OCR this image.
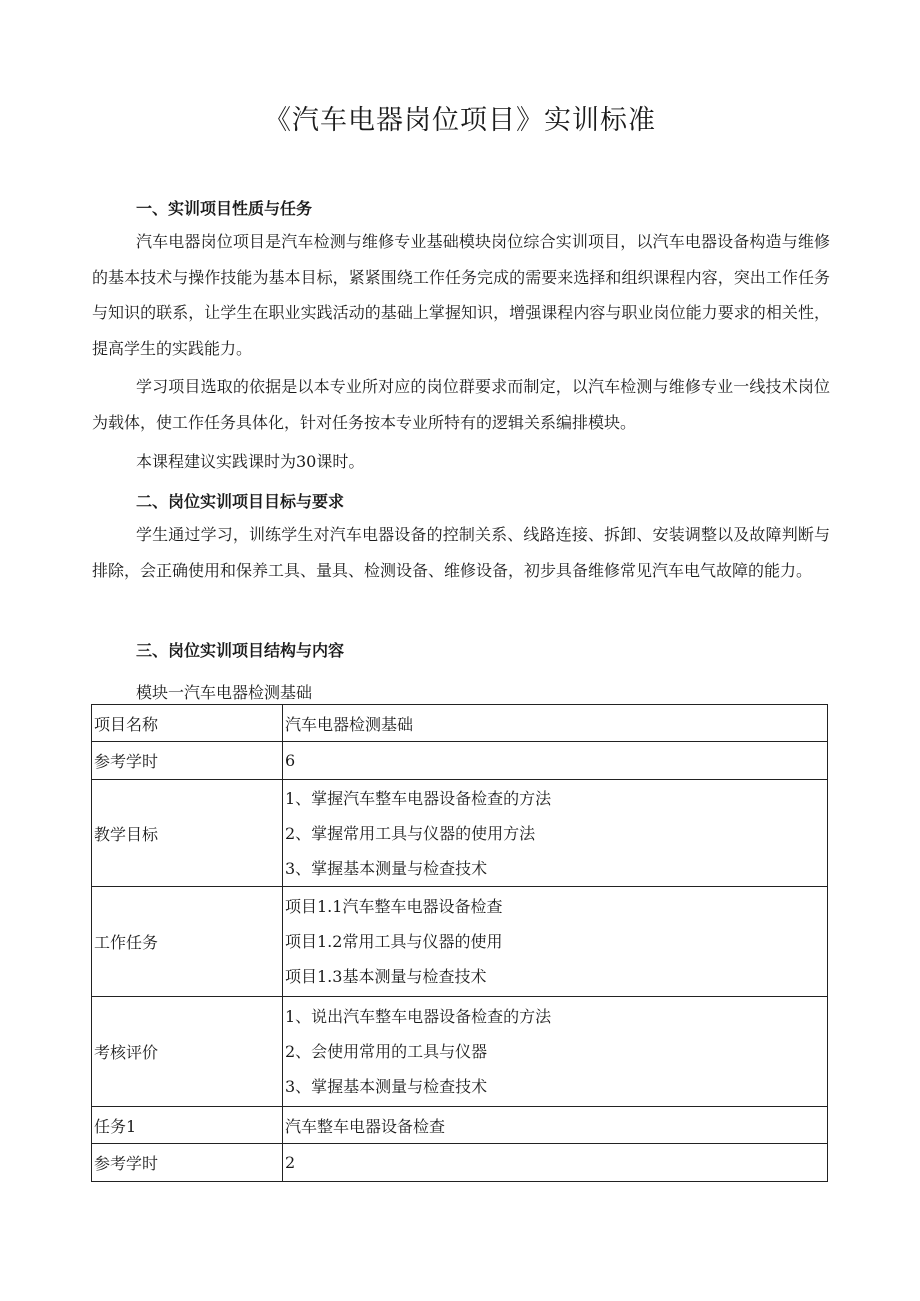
《汽车电器岗位项目》实训标准
一、实训项目性质与任务
汽车电器岗位项目是汽车检测与维修专业基础模块岗位综合实训项目，以汽车电器设备构造与维修的基本技术与操作技能为基本目标，紧紧围绕工作任务完成的需要来选择和组织课程内容，突出工作任务与知识的联系，让学生在职业实践活动的基础上掌握知识，增强课程内容与职业岗位能力要求的相关性，提高学生的实践能力。
学习项目选取的依据是以本专业所对应的岗位群要求而制定，以汽车检测与维修专业一线技术岗位为载体，使工作任务具体化，针对任务按本专业所特有的逻辑关系编排模块。
本课程建议实践课时为30课时。
二、岗位实训项目目标与要求
学生通过学习，训练学生对汽车电器设备的控制关系、线路连接、拆卸、安装调整以及故障判断与排除，会正确使用和保养工具、量具、检测设备、维修设备，初步具备维修常见汽车电气故障的能力。
三、岗位实训项目结构与内容
模块一汽车电器检测基础
项目名称	汽车电器检测基础
参考学时	6
教学目标	1、掌握汽车整车电器设备检查的方法
2、掌握常用工具与仪器的使用方法
3、掌握基本测量与检查技术

工作任务	项目1.1汽车整车电器设备检查
项目1.2常用工具与仪器的使用
项目1.3基本测量与检查技术

考核评价	1、说出汽车整车电器设备检查的方法
2、会使用常用的工具与仪器
3、掌握基本测量与检查技术

任务1	汽车整车电器设备检查
参考学时	2
